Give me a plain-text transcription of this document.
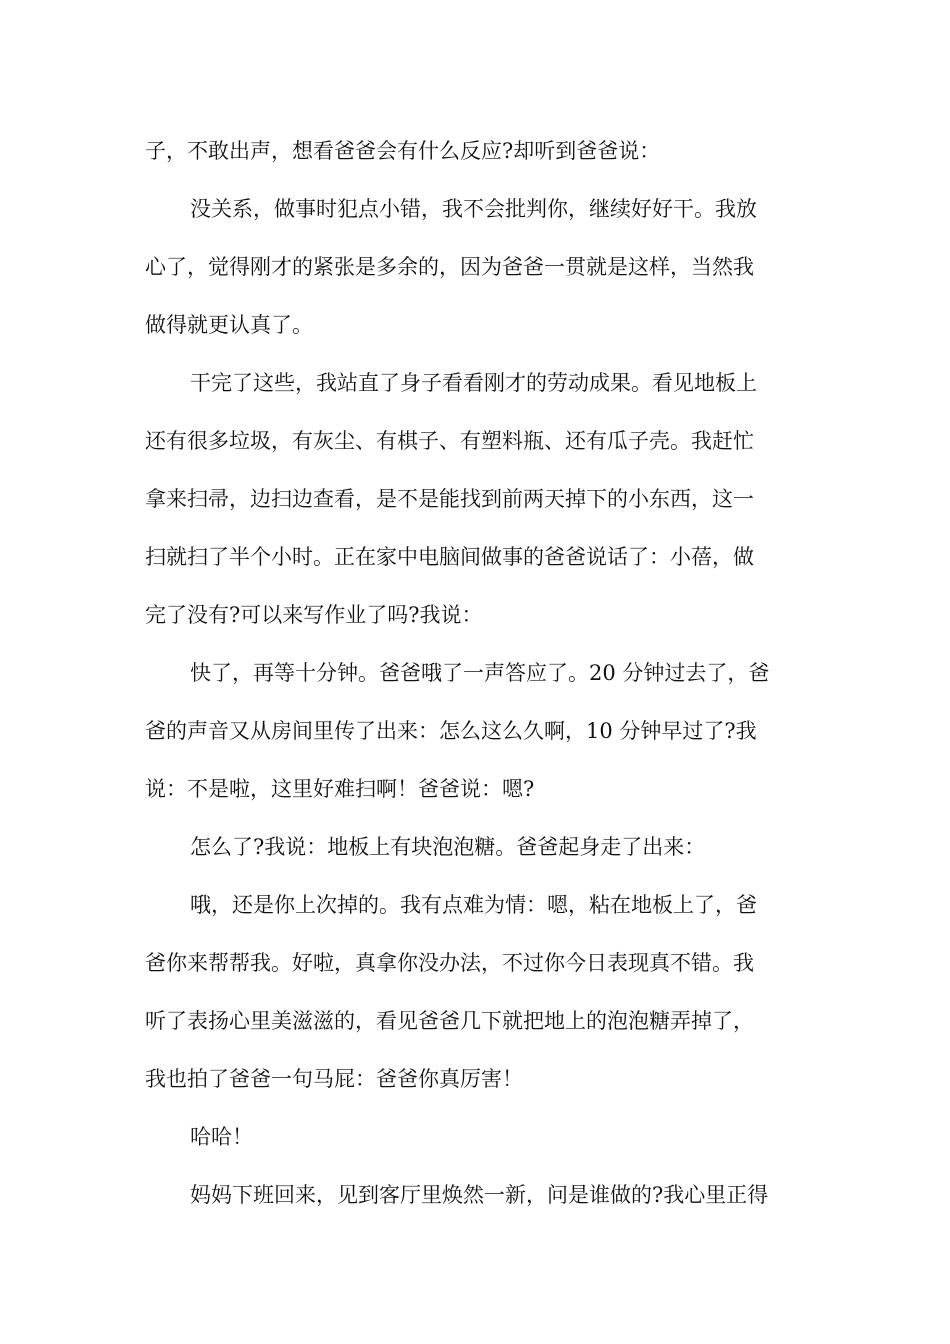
子，不敢出声，想看爸爸会有什么反应?却听到爸爸说：
没关系，做事时犯点小错，我不会批判你，继续好好干。我放
心了，觉得刚才的紧张是多余的，因为爸爸一贯就是这样，当然我
做得就更认真了。
干完了这些，我站直了身子看看刚才的劳动成果。看见地板上
还有很多垃圾，有灰尘、有棋子、有塑料瓶、还有瓜子壳。我赶忙
拿来扫帚，边扫边查看，是不是能找到前两天掉下的小东西，这一
扫就扫了半个小时。正在家中电脑间做事的爸爸说话了：小蓓，做
完了没有?可以来写作业了吗?我说：
快了，再等十分钟。爸爸哦了一声答应了。20 分钟过去了，爸
爸的声音又从房间里传了出来：怎么这么久啊，10 分钟早过了?我
说：不是啦，这里好难扫啊！爸爸说：嗯?
怎么了?我说：地板上有块泡泡糖。爸爸起身走了出来：
哦，还是你上次掉的。我有点难为情：嗯，粘在地板上了，爸
爸你来帮帮我。好啦，真拿你没办法，不过你今日表现真不错。我
听了表扬心里美滋滋的，看见爸爸几下就把地上的泡泡糖弄掉了，
我也拍了爸爸一句马屁：爸爸你真厉害！
哈哈！
妈妈下班回来，见到客厅里焕然一新，问是谁做的?我心里正得
